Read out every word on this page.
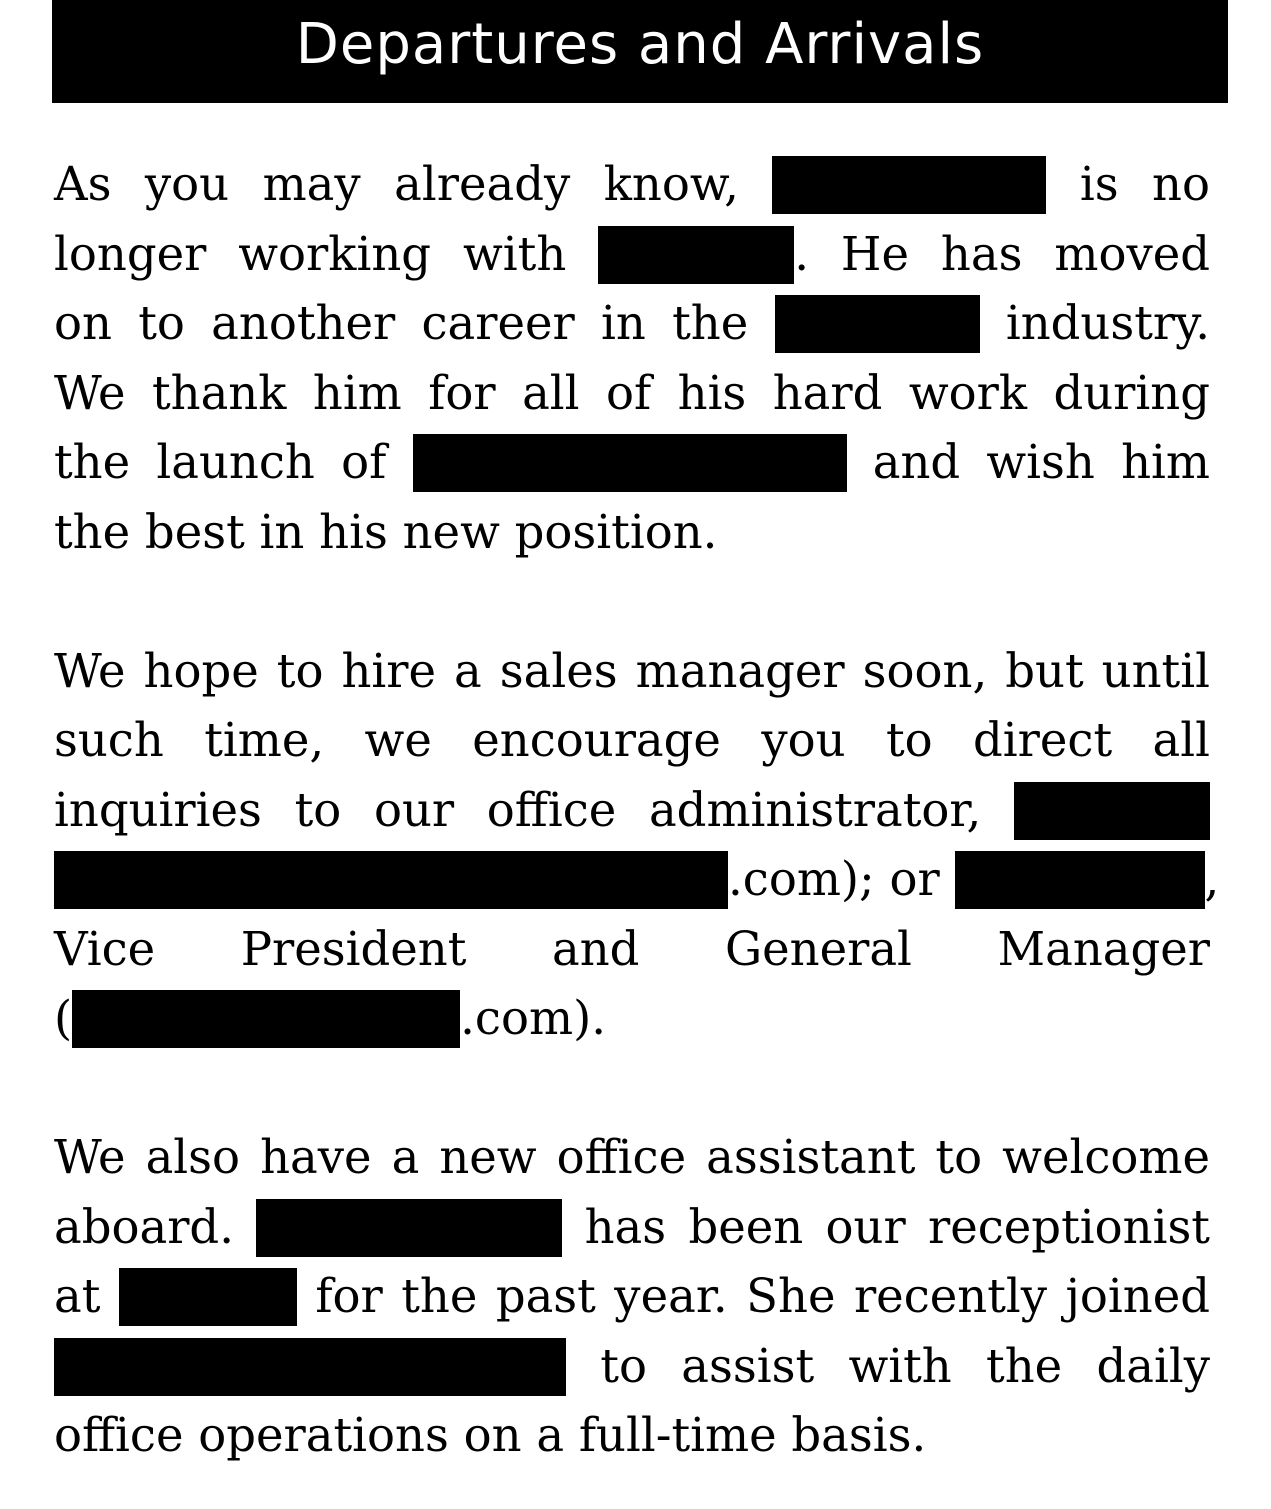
Departures and Arrivals
As you may already know,	is no
longer working with	. He has moved
on to another career in the	industry.
We thank him for all of his hard work during
the launch of	and wish him
the best in his new position.
We hope to hire a sales manager soon, but until
such time, we encourage you to direct all
inquiries to our office administrator,
.com); or	,
Vice President and General Manager
(	.com).
We also have a new office assistant to welcome
aboard.	has been our receptionist
at	for the past year. She recently joined
to assist with the daily
office operations on a full-time basis.
